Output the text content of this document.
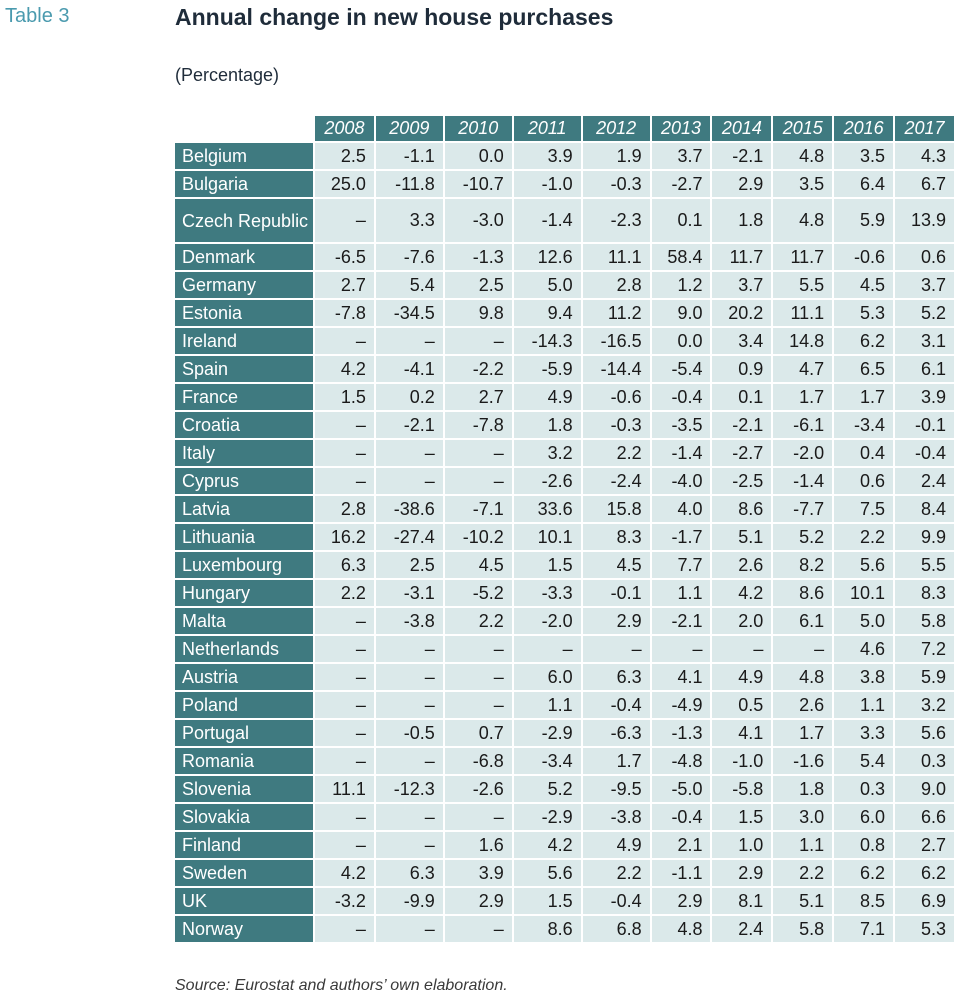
Table 3	Annual change in new house purchases
(Percentage)
	2008	2009	2010	2011	2012	2013	2014	2015	2016	2017
Belgium	2.5	-1.1	0.0	3.9	1.9	3.7	-2.1	4.8	3.5	4.3
Bulgaria	25.0	-11.8	-10.7	-1.0	-0.3	-2.7	2.9	3.5	6.4	6.7
Czech Republic	–	3.3	-3.0	-1.4	-2.3	0.1	1.8	4.8	5.9	13.9
Denmark	-6.5	-7.6	-1.3	12.6	11.1	58.4	11.7	11.7	-0.6	0.6
Germany	2.7	5.4	2.5	5.0	2.8	1.2	3.7	5.5	4.5	3.7
Estonia	-7.8	-34.5	9.8	9.4	11.2	9.0	20.2	11.1	5.3	5.2
Ireland	–	–	–	-14.3	-16.5	0.0	3.4	14.8	6.2	3.1
Spain	4.2	-4.1	-2.2	-5.9	-14.4	-5.4	0.9	4.7	6.5	6.1
France	1.5	0.2	2.7	4.9	-0.6	-0.4	0.1	1.7	1.7	3.9
Croatia	–	-2.1	-7.8	1.8	-0.3	-3.5	-2.1	-6.1	-3.4	-0.1
Italy	–	–	–	3.2	2.2	-1.4	-2.7	-2.0	0.4	-0.4
Cyprus	–	–	–	-2.6	-2.4	-4.0	-2.5	-1.4	0.6	2.4
Latvia	2.8	-38.6	-7.1	33.6	15.8	4.0	8.6	-7.7	7.5	8.4
Lithuania	16.2	-27.4	-10.2	10.1	8.3	-1.7	5.1	5.2	2.2	9.9
Luxembourg	6.3	2.5	4.5	1.5	4.5	7.7	2.6	8.2	5.6	5.5
Hungary	2.2	-3.1	-5.2	-3.3	-0.1	1.1	4.2	8.6	10.1	8.3
Malta	–	-3.8	2.2	-2.0	2.9	-2.1	2.0	6.1	5.0	5.8
Netherlands	–	–	–	–	–	–	–	–	4.6	7.2
Austria	–	–	–	6.0	6.3	4.1	4.9	4.8	3.8	5.9
Poland	–	–	–	1.1	-0.4	-4.9	0.5	2.6	1.1	3.2
Portugal	–	-0.5	0.7	-2.9	-6.3	-1.3	4.1	1.7	3.3	5.6
Romania	–	–	-6.8	-3.4	1.7	-4.8	-1.0	-1.6	5.4	0.3
Slovenia	11.1	-12.3	-2.6	5.2	-9.5	-5.0	-5.8	1.8	0.3	9.0
Slovakia	–	–	–	-2.9	-3.8	-0.4	1.5	3.0	6.0	6.6
Finland	–	–	1.6	4.2	4.9	2.1	1.0	1.1	0.8	2.7
Sweden	4.2	6.3	3.9	5.6	2.2	-1.1	2.9	2.2	6.2	6.2
UK	-3.2	-9.9	2.9	1.5	-0.4	2.9	8.1	5.1	8.5	6.9
Norway	–	–	–	8.6	6.8	4.8	2.4	5.8	7.1	5.3
Source: Eurostat and authors’ own elaboration.
